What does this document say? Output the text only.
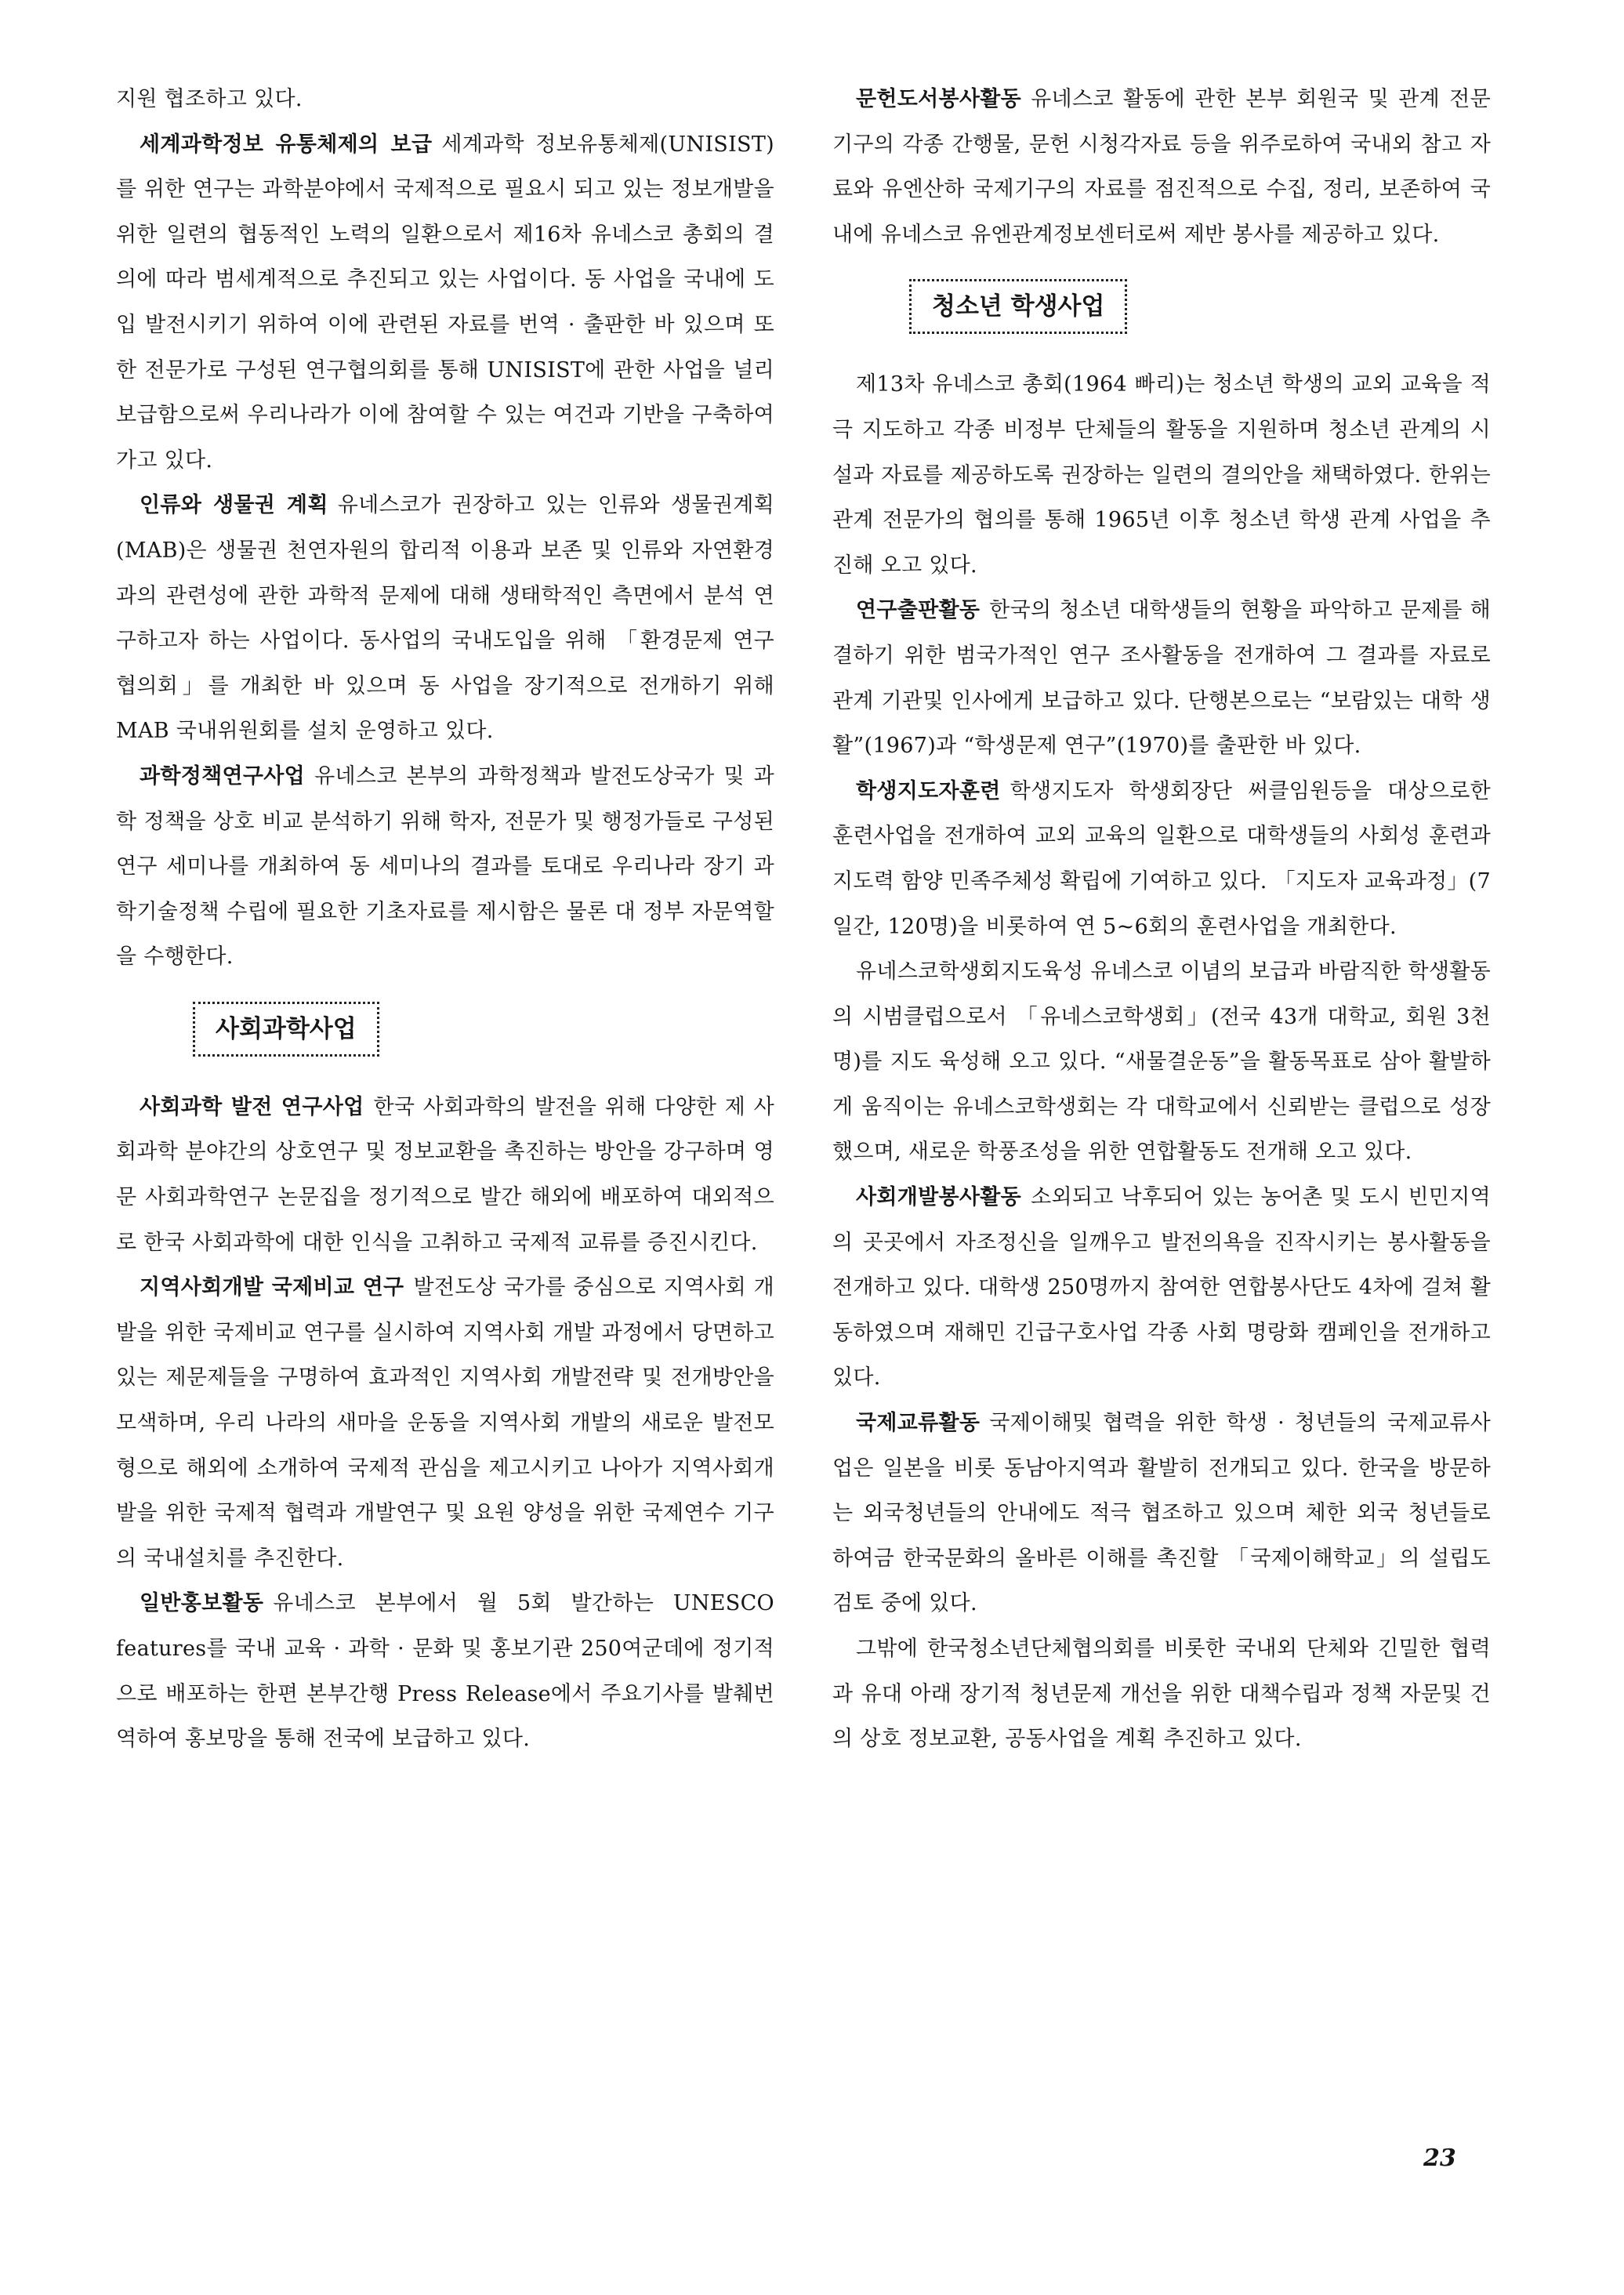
지원 협조하고 있다.

세계과학정보 유통체제의 보급 세계과학 정보유통체제(UNISIST)를 위한 연구는 과학분야에서 국제적으로 필요시 되고 있는 정보개발을 위한 일련의 협동적인 노력의 일환으로서 제16차 유네스코 총회의 결의에 따라 범세계적으로 추진되고 있는 사업이다. 동 사업을 국내에 도입 발전시키기 위하여 이에 관련된 자료를 번역 · 출판한 바 있으며 또한 전문가로 구성된 연구협의회를 통해 UNISIST에 관한 사업을 널리 보급함으로써 우리나라가 이에 참여할 수 있는 여건과 기반을 구축하여 가고 있다.

인류와 생물권 계획 유네스코가 권장하고 있는 인류와 생물권계획(MAB)은 생물권 천연자원의 합리적 이용과 보존 및 인류와 자연환경과의 관련성에 관한 과학적 문제에 대해 생태학적인 측면에서 분석 연구하고자 하는 사업이다. 동사업의 국내도입을 위해 「환경문제 연구 협의회」를 개최한 바 있으며 동 사업을 장기적으로 전개하기 위해 MAB 국내위원회를 설치 운영하고 있다.

과학정책연구사업 유네스코 본부의 과학정책과 발전도상국가 및 과학 정책을 상호 비교 분석하기 위해 학자, 전문가 및 행정가들로 구성된 연구 세미나를 개최하여 동 세미나의 결과를 토대로 우리나라 장기 과학기술정책 수립에 필요한 기초자료를 제시함은 물론 대 정부 자문역할을 수행한다.

사회과학사업

사회과학 발전 연구사업 한국 사회과학의 발전을 위해 다양한 제 사회과학 분야간의 상호연구 및 정보교환을 촉진하는 방안을 강구하며 영문 사회과학연구 논문집을 정기적으로 발간 해외에 배포하여 대외적으로 한국 사회과학에 대한 인식을 고취하고 국제적 교류를 증진시킨다.

지역사회개발 국제비교 연구 발전도상 국가를 중심으로 지역사회 개발을 위한 국제비교 연구를 실시하여 지역사회 개발 과정에서 당면하고 있는 제문제들을 구명하여 효과적인 지역사회 개발전략 및 전개방안을 모색하며, 우리 나라의 새마을 운동을 지역사회 개발의 새로운 발전모형으로 해외에 소개하여 국제적 관심을 제고시키고 나아가 지역사회개발을 위한 국제적 협력과 개발연구 및 요원 양성을 위한 국제연수 기구의 국내설치를 추진한다.

일반홍보활동 유네스코 본부에서 월 5회 발간하는 UNESCO features를 국내 교육 · 과학 · 문화 및 홍보기관 250여군데에 정기적으로 배포하는 한편 본부간행 Press Release에서 주요기사를 발췌번역하여 홍보망을 통해 전국에 보급하고 있다.

문헌도서봉사활동 유네스코 활동에 관한 본부 회원국 및 관계 전문기구의 각종 간행물, 문헌 시청각자료 등을 위주로하여 국내외 참고 자료와 유엔산하 국제기구의 자료를 점진적으로 수집, 정리, 보존하여 국내에 유네스코 유엔관계정보센터로써 제반 봉사를 제공하고 있다.

청소년 학생사업

제13차 유네스코 총회(1964 빠리)는 청소년 학생의 교외 교육을 적극 지도하고 각종 비정부 단체들의 활동을 지원하며 청소년 관계의 시설과 자료를 제공하도록 권장하는 일련의 결의안을 채택하였다. 한위는 관계 전문가의 협의를 통해 1965년 이후 청소년 학생 관계 사업을 추진해 오고 있다.

연구출판활동 한국의 청소년 대학생들의 현황을 파악하고 문제를 해결하기 위한 범국가적인 연구 조사활동을 전개하여 그 결과를 자료로 관계 기관및 인사에게 보급하고 있다. 단행본으로는 “보람있는 대학 생활”(1967)과 “학생문제 연구”(1970)를 출판한 바 있다.

학생지도자훈련 학생지도자 학생회장단 써클임원등을 대상으로한 훈련사업을 전개하여 교외 교육의 일환으로 대학생들의 사회성 훈련과 지도력 함양 민족주체성 확립에 기여하고 있다. 「지도자 교육과정」(7일간, 120명)을 비롯하여 연 5~6회의 훈련사업을 개최한다.

유네스코학생회지도육성 유네스코 이념의 보급과 바람직한 학생활동의 시범클럽으로서 「유네스코학생회」(전국 43개 대학교, 회원 3천명)를 지도 육성해 오고 있다. “새물결운동”을 활동목표로 삼아 활발하게 움직이는 유네스코학생회는 각 대학교에서 신뢰받는 클럽으로 성장했으며, 새로운 학풍조성을 위한 연합활동도 전개해 오고 있다.

사회개발봉사활동 소외되고 낙후되어 있는 농어촌 및 도시 빈민지역의 곳곳에서 자조정신을 일깨우고 발전의욕을 진작시키는 봉사활동을 전개하고 있다. 대학생 250명까지 참여한 연합봉사단도 4차에 걸쳐 활동하였으며 재해민 긴급구호사업 각종 사회 명랑화 캠페인을 전개하고 있다.

국제교류활동 국제이해및 협력을 위한 학생 · 청년들의 국제교류사업은 일본을 비롯 동남아지역과 활발히 전개되고 있다. 한국을 방문하는 외국청년들의 안내에도 적극 협조하고 있으며 체한 외국 청년들로 하여금 한국문화의 올바른 이해를 촉진할 「국제이해학교」의 설립도 검토 중에 있다.

그밖에 한국청소년단체협의회를 비롯한 국내외 단체와 긴밀한 협력과 유대 아래 장기적 청년문제 개선을 위한 대책수립과 정책 자문및 건의 상호 정보교환, 공동사업을 계획 추진하고 있다.

23
